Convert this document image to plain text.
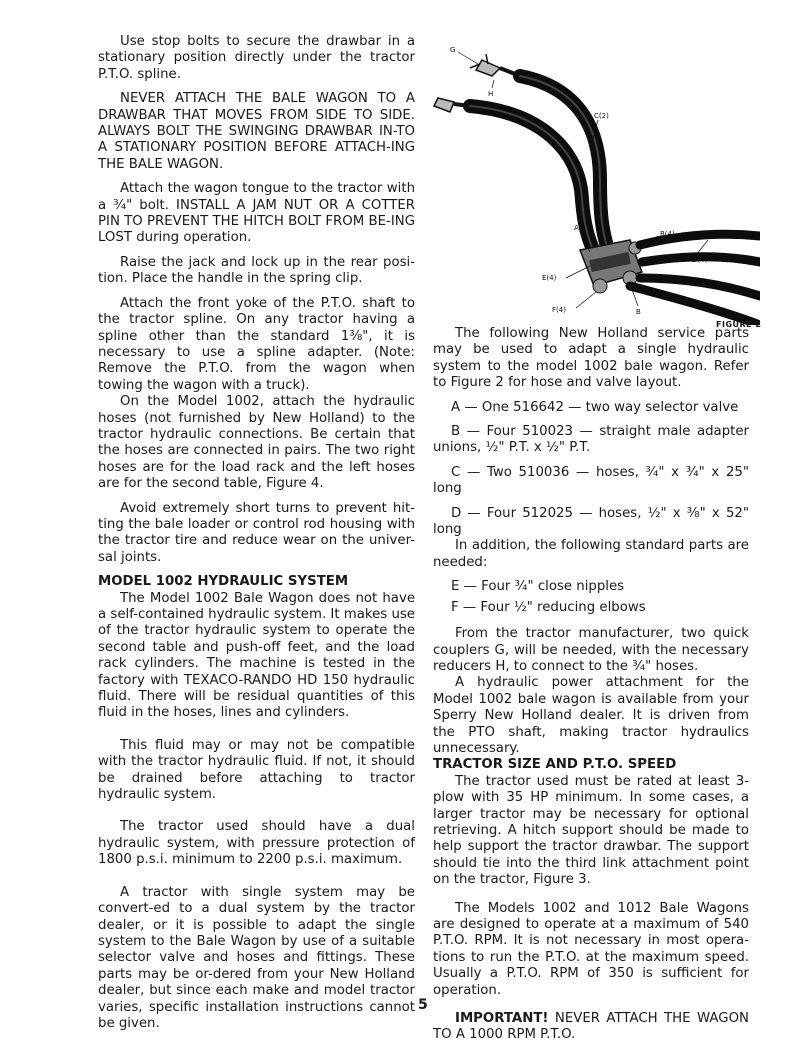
Use stop bolts to secure the drawbar in a stationary position directly under the tractor P.T.O. spline.

NEVER ATTACH THE BALE WAGON TO A DRAWBAR THAT MOVES FROM SIDE TO SIDE. ALWAYS BOLT THE SWINGING DRAWBAR IN-TO A STATIONARY POSITION BEFORE ATTACH-ING THE BALE WAGON.

Attach the wagon tongue to the tractor with a ¾" bolt. INSTALL A JAM NUT OR A COTTER PIN TO PREVENT THE HITCH BOLT FROM BE-ING LOST during operation.

Raise the jack and lock up in the rear posi-tion. Place the handle in the spring clip.

Attach the front yoke of the P.T.O. shaft to the tractor spline. On any tractor having a spline other than the standard 1⅜", it is necessary to use a spline adapter. (Note: Remove the P.T.O. from the wagon when towing the wagon with a truck).

On the Model 1002, attach the hydraulic hoses (not furnished by New Holland) to the tractor hydraulic connections. Be certain that the hoses are connected in pairs. The two right hoses are for the load rack and the left hoses are for the second table, Figure 4.

Avoid extremely short turns to prevent hit-ting the bale loader or control rod housing with the tractor tire and reduce wear on the univer-sal joints.

MODEL 1002 HYDRAULIC SYSTEM

The Model 1002 Bale Wagon does not have a self-contained hydraulic system. It makes use of the tractor hydraulic system to operate the second table and push-off feet, and the load rack cylinders. The machine is tested in the factory with TEXACO-RANDO HD 150 hydraulic fluid. There will be residual quantities of this fluid in the hoses, lines and cylinders.

This fluid may or may not be compatible with the tractor hydraulic fluid. If not, it should be drained before attaching to tractor hydraulic system.

The tractor used should have a dual hydraulic system, with pressure protection of 1800 p.s.i. minimum to 2200 p.s.i. maximum.

A tractor with single system may be convert-ed to a dual system by the tractor dealer, or it is possible to adapt the single system to the Bale Wagon by use of a suitable selector valve and hoses and fittings. These parts may be or-dered from your New Holland dealer, but since each make and model tractor varies, specific installation instructions cannot be given.

G
H
C(2)
A
B(4)
D(4)
E(4)
F(4)	B
FIGURE 2

The following New Holland service parts may be used to adapt a single hydraulic system to the model 1002 bale wagon. Refer to Figure 2 for hose and valve layout.

A — One 516642 — two way selector valve

B — Four 510023 — straight male adapter unions, ½" P.T. x ½" P.T.

C — Two 510036 — hoses, ¾" x ¾" x 25" long

D — Four 512025 — hoses, ½" x ⅜" x 52" long

In addition, the following standard parts are needed:

E — Four ¾" close nipples

F — Four ½" reducing elbows

From the tractor manufacturer, two quick couplers G, will be needed, with the necessary reducers H, to connect to the ¾" hoses.

A hydraulic power attachment for the Model 1002 bale wagon is available from your Sperry New Holland dealer. It is driven from the PTO shaft, making tractor hydraulics unnecessary.

TRACTOR SIZE AND P.T.O. SPEED

The tractor used must be rated at least 3-plow with 35 HP minimum. In some cases, a larger tractor may be necessary for optional retrieving. A hitch support should be made to help support the tractor drawbar. The support should tie into the third link attachment point on the tractor, Figure 3.

The Models 1002 and 1012 Bale Wagons are designed to operate at a maximum of 540 P.T.O. RPM. It is not necessary in most opera-tions to run the P.T.O. at the maximum speed. Usually a P.T.O. RPM of 350 is sufficient for operation.

IMPORTANT! NEVER ATTACH THE WAGON TO A 1000 RPM P.T.O.

5
